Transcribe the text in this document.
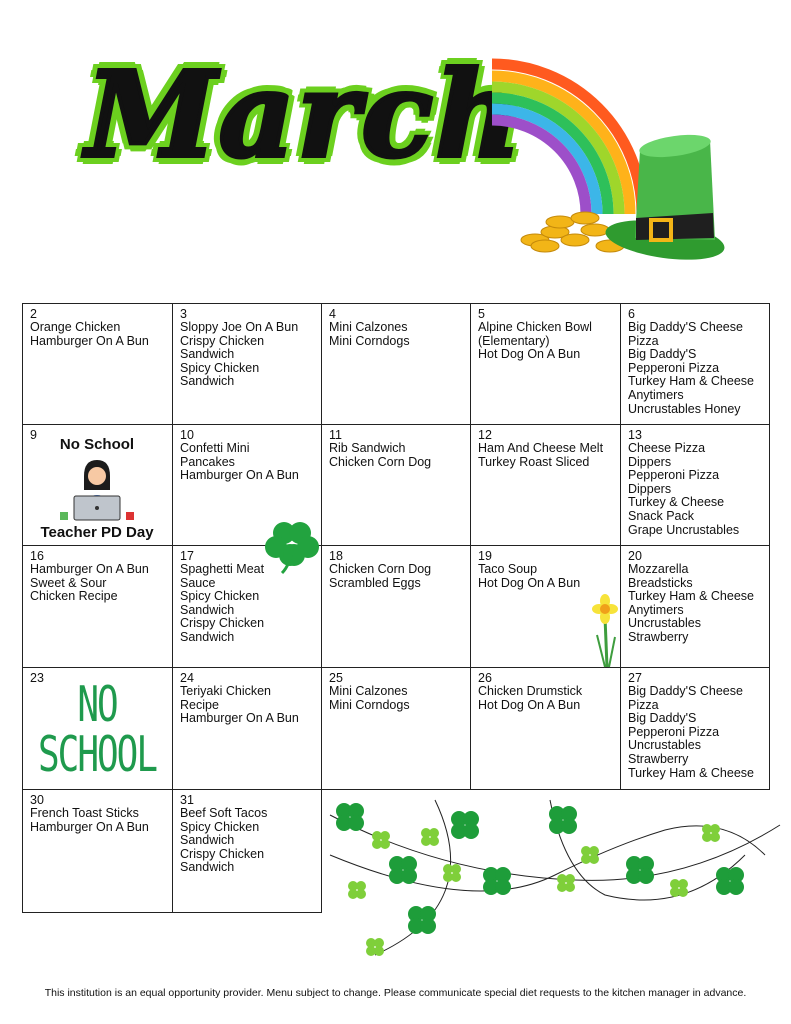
March
2
Orange Chicken
Hamburger On A Bun
3
Sloppy Joe On A Bun
Crispy Chicken
Sandwich
Spicy Chicken
Sandwich
4
Mini Calzones
Mini Corndogs
5
Alpine Chicken Bowl
(Elementary)
Hot Dog On A Bun
6
Big Daddy'S Cheese
Pizza
Big Daddy'S
Pepperoni Pizza
Turkey Ham & Cheese
Anytimers
Uncrustables Honey
9	10
Confetti Mini
Pancakes
Hamburger On A Bun
11
Rib Sandwich
Chicken Corn Dog
12
Ham And Cheese Melt
Turkey Roast Sliced
13
Cheese Pizza
Dippers
Pepperoni Pizza
Dippers
Turkey & Cheese
Snack Pack
Grape Uncrustables
16
Hamburger On A Bun
Sweet & Sour
Chicken Recipe
17
Spaghetti Meat
Sauce
Spicy Chicken
Sandwich
Crispy Chicken
Sandwich
18
Chicken Corn Dog
Scrambled Eggs
19
Taco Soup
Hot Dog On A Bun
20
Mozzarella
Breadsticks
Turkey Ham & Cheese
Anytimers
Uncrustables
Strawberry
23	24
Teriyaki Chicken
Recipe
Hamburger On A Bun
25
Mini Calzones
Mini Corndogs
26
Chicken Drumstick
Hot Dog On A Bun
27
Big Daddy'S Cheese
Pizza
Big Daddy'S
Pepperoni Pizza
Uncrustables
Strawberry
Turkey Ham & Cheese
30
French Toast Sticks
Hamburger On A Bun
31
Beef Soft Tacos
Spicy Chicken
Sandwich
Crispy Chicken
Sandwich
No School
Teacher PD Day
NO
SCHOOL
This institution is an equal opportunity provider. Menu subject to change. Please communicate special diet requests to the kitchen manager in advance.
